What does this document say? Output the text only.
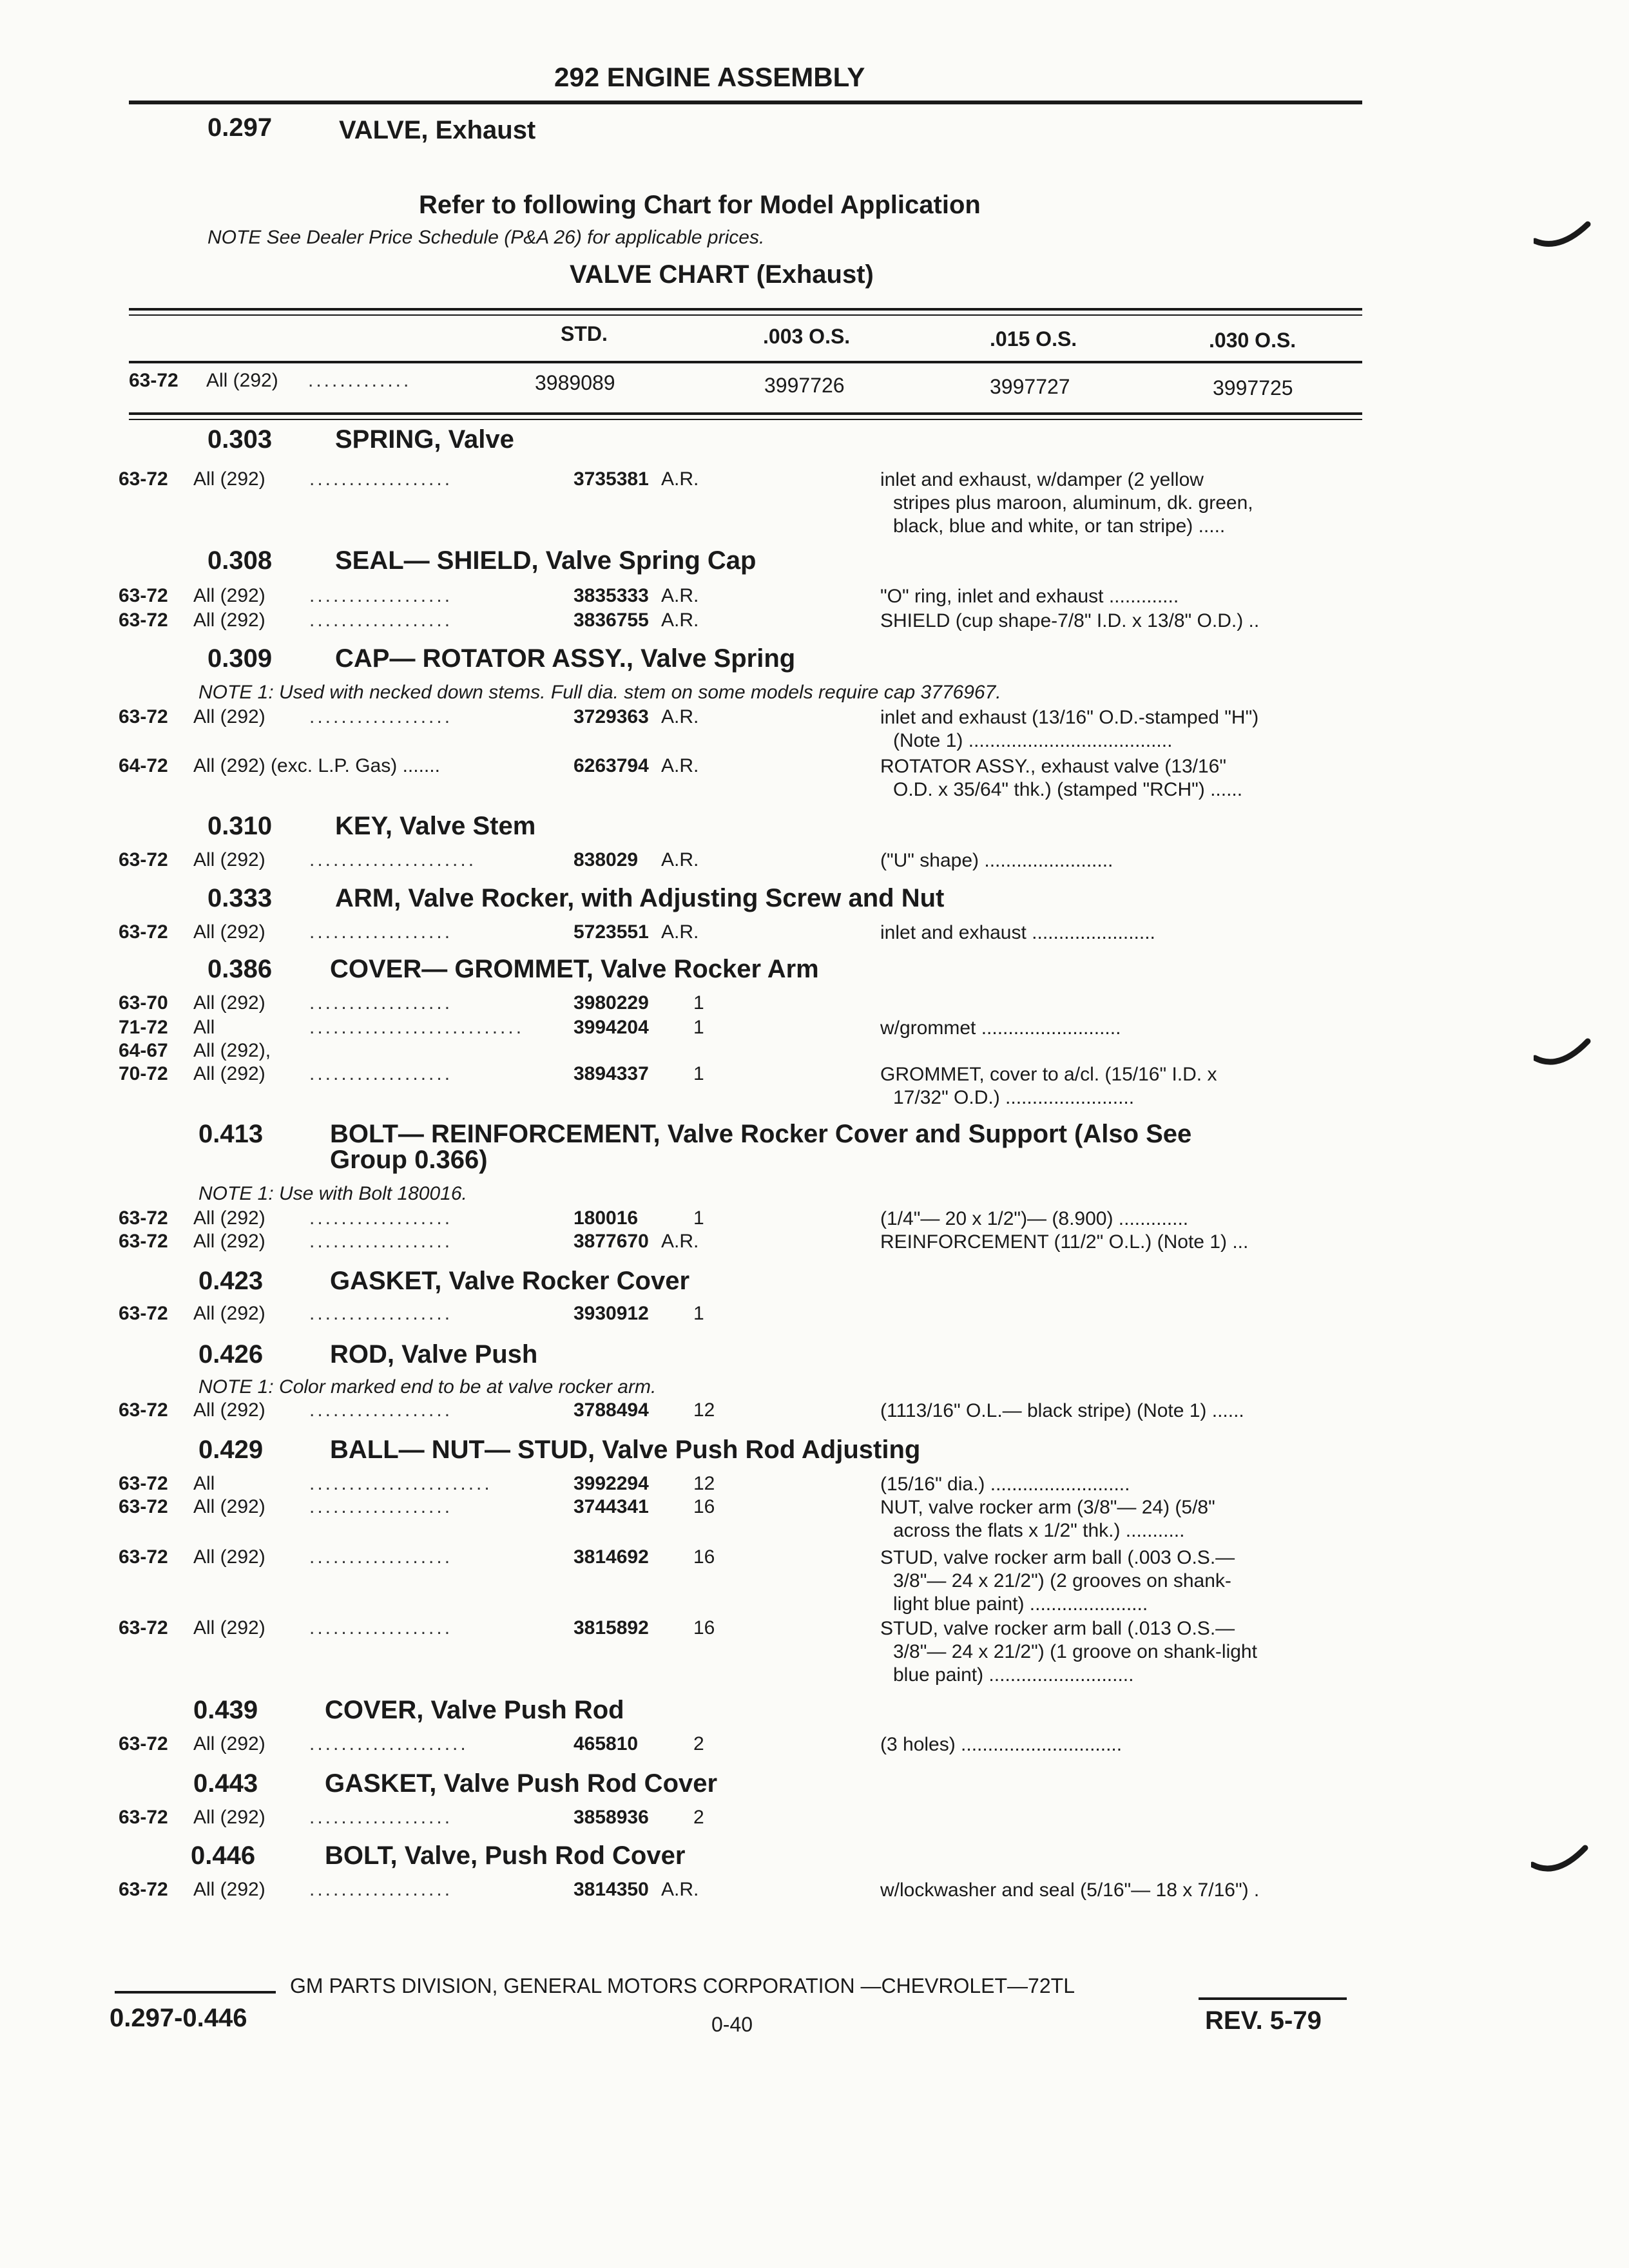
292 ENGINE ASSEMBLY
0.297	VALVE, Exhaust
Refer to following Chart for Model Application
NOTE See Dealer Price Schedule (P&A 26) for applicable prices.
VALVE CHART (Exhaust)
STD.	.003 O.S.	.015 O.S.	.030 O.S.
63-72 All (292) .............	3989089	3997726	3997727	3997725
0.303 SPRING, Valve
63-72 All (292) ..................	3735381 A.R.	inlet and exhaust, w/damper (2 yellow
stripes plus maroon, aluminum, dk. green,
black, blue and white, or tan stripe) .....
0.308 SEAL— SHIELD, Valve Spring Cap
63-72 All (292) ..................	3835333 A.R.	"O" ring, inlet and exhaust .............
63-72 All (292) ..................	3836755 A.R.	SHIELD (cup shape-7/8" I.D. x 13/8" O.D.) ..
0.309 CAP— ROTATOR ASSY., Valve Spring
NOTE 1: Used with necked down stems. Full dia. stem on some models require cap 3776967.
63-72 All (292) ..................	3729363 A.R.	inlet and exhaust (13/16" O.D.-stamped "H")
(Note 1) ......................................
64-72 All (292) (exc. L.P. Gas) .......	6263794 A.R.	ROTATOR ASSY., exhaust valve (13/16"
O.D. x 35/64" thk.) (stamped "RCH") ......
0.310 KEY, Valve Stem
63-72 All (292) .....................	838029 A.R.	("U" shape) ........................
0.333 ARM, Valve Rocker, with Adjusting Screw and Nut
63-72 All (292) ..................	5723551 A.R.	inlet and exhaust .......................
0.386 COVER— GROMMET, Valve Rocker Arm
63-70 All (292) ..................	3980229 1
71-72 All	...........................	3994204 1	w/grommet ..........................
64-67 All (292),
70-72 All (292) ..................	3894337 1	GROMMET, cover to a/cl. (15/16" I.D. x
17/32" O.D.) ........................
0.413	BOLT— REINFORCEMENT, Valve Rocker Cover and Support (Also See
Group 0.366)
NOTE 1: Use with Bolt 180016.
63-72 All (292) ..................	180016	1	(1/4"— 20 x 1/2")— (8.900) .............
63-72 All (292) ..................	3877670 A.R.	REINFORCEMENT (11/2" O.L.) (Note 1) ...
0.423	GASKET, Valve Rocker Cover
63-72 All (292) ..................	3930912 1
0.426	ROD, Valve Push
NOTE 1: Color marked end to be at valve rocker arm.
63-72 All (292) ..................	3788494 12	(1113/16" O.L.— black stripe) (Note 1) ......
0.429	BALL— NUT— STUD, Valve Push Rod Adjusting
63-72 All	.......................	3992294 12	(15/16" dia.) ..........................
63-72 All (292) ..................	3744341 16	NUT, valve rocker arm (3/8"— 24) (5/8"
across the flats x 1/2" thk.) ...........
63-72 All (292) ..................	3814692 16	STUD, valve rocker arm ball (.003 O.S.—
3/8"— 24 x 21/2") (2 grooves on shank-
light blue paint) ......................
63-72 All (292) ..................	3815892 16	STUD, valve rocker arm ball (.013 O.S.—
3/8"— 24 x 21/2") (1 groove on shank-light
blue paint) ...........................
0.439	COVER, Valve Push Rod
63-72 All (292) ....................	465810	2	(3 holes) ..............................
0.443	GASKET, Valve Push Rod Cover
63-72 All (292) ..................	3858936 2
0.446	BOLT, Valve, Push Rod Cover
63-72 All (292) ..................	3814350 A.R.	w/lockwasher and seal (5/16"— 18 x 7/16") .
GM PARTS DIVISION, GENERAL MOTORS CORPORATION —CHEVROLET—72TL
0.297-0.446	0-40	REV. 5-79
